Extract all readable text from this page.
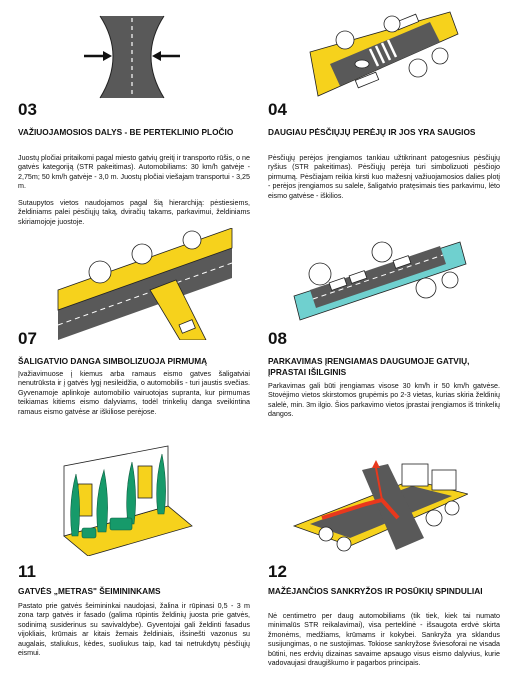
03
VAŽIUOJAMOSIOS DALYS - BE PERTEKLINIO PLOČIO

Juostų pločiai pritaikomi pagal miesto gatvių greitį ir transporto rūšis, o ne gatvės kategoriją (STR pakeitimas). Automobiliams: 30 km/h gatvėje - 2,75m; 50 km/h gatvėje - 3,0 m. Juostų pločiai viešajam transportui - 3,25 m.

Sutaupytos vietos naudojamos pagal šią hierarchiją: pėstiesiems, želdiniams palei pėsčiųjų taką, dviračių takams, parkavimui, želdiniams skiriamojoje juostoje.

04
DAUGIAU PĖSČIŲJŲ PERĖJŲ IR JOS YRA SAUGIOS

Pėsčiųjų perėjos įrengiamos tankiau užtikrinant patogesnius pėsčiųjų ryšius (STR pakeitimas). Pėsčiųjų perėja turi simbolizuoti pėsčiojo pirmumą. Pėsčiajam reikia kirsti kuo mažesnį važiuojamosios dalies plotį - perėjos įrengiamos su salele, šaligatvio pratęsimais ties parkavimu, lėto eismo gatvėse - iškilios.

07
ŠALIGATVIO DANGA SIMBOLIZUOJA PIRMUMĄ

Įvažiavimuose į kiemus arba ramaus eismo gatves šaligatviai nenutrūksta ir į gatvės lygį nesileidžia, o automobilis - turi jaustis svečias. Gyvenamoje aplinkoje automobilio vairuotojas supranta, kur pirmumas teikiamas kitiems eismo dalyviams, todėl trinkelių danga sveikintina ramaus eismo gatvėse ar iškiliose perėjose.

08
PARKAVIMAS ĮRENGIAMAS DAUGUMOJE GATVIŲ, ĮPRASTAI IŠILGINIS

Parkavimas gali būti įrengiamas visose 30 km/h ir 50 km/h gatvėse. Stovėjimo vietos skirstomos grupėmis po 2-3 vietas, kurias skiria želdinių salelė, min. 3m ilgio. Šios parkavimo vietos įprastai įrengiamos iš trinkelių dangos.

11
GATVĖS „METRAS" ŠEIMININKAMS

Pastato prie gatvės šeimininkai naudojasi, žalina ir rūpinasi 0,5 - 3 m zona tarp gatvės ir fasado (galima rūpintis želdinių juosta prie gatvės, sodinimą susiderinus su savivaldybe). Gyventojai gali želdinti fasadus vijokliais, krūmais ar kitais žemais želdiniais, išsinešti vazonus su augalais, staliukus, kėdes, suoliukus taip, kad tai netrukdytų pėsčiųjų eismui.

12
MAŽĖJANČIOS SANKRYŽOS IR POSŪKIŲ SPINDULIAI

Nė centimetro per daug automobiliams (tik tiek, kiek tai numato minimalūs STR reikalavimai), visa perteklinė - išsaugota erdvė skirta žmonėms, medžiams, krūmams ir kokybei. Sankryža yra sklandus susijungimas, o ne sustojimas. Tokiose sankryžose šviesoforai ne visada būtini, nes erdvių dizainas savaime apsaugo visus eismo dalyvius, kurie vadovaujasi draugiškumo ir pagarbos principais.
